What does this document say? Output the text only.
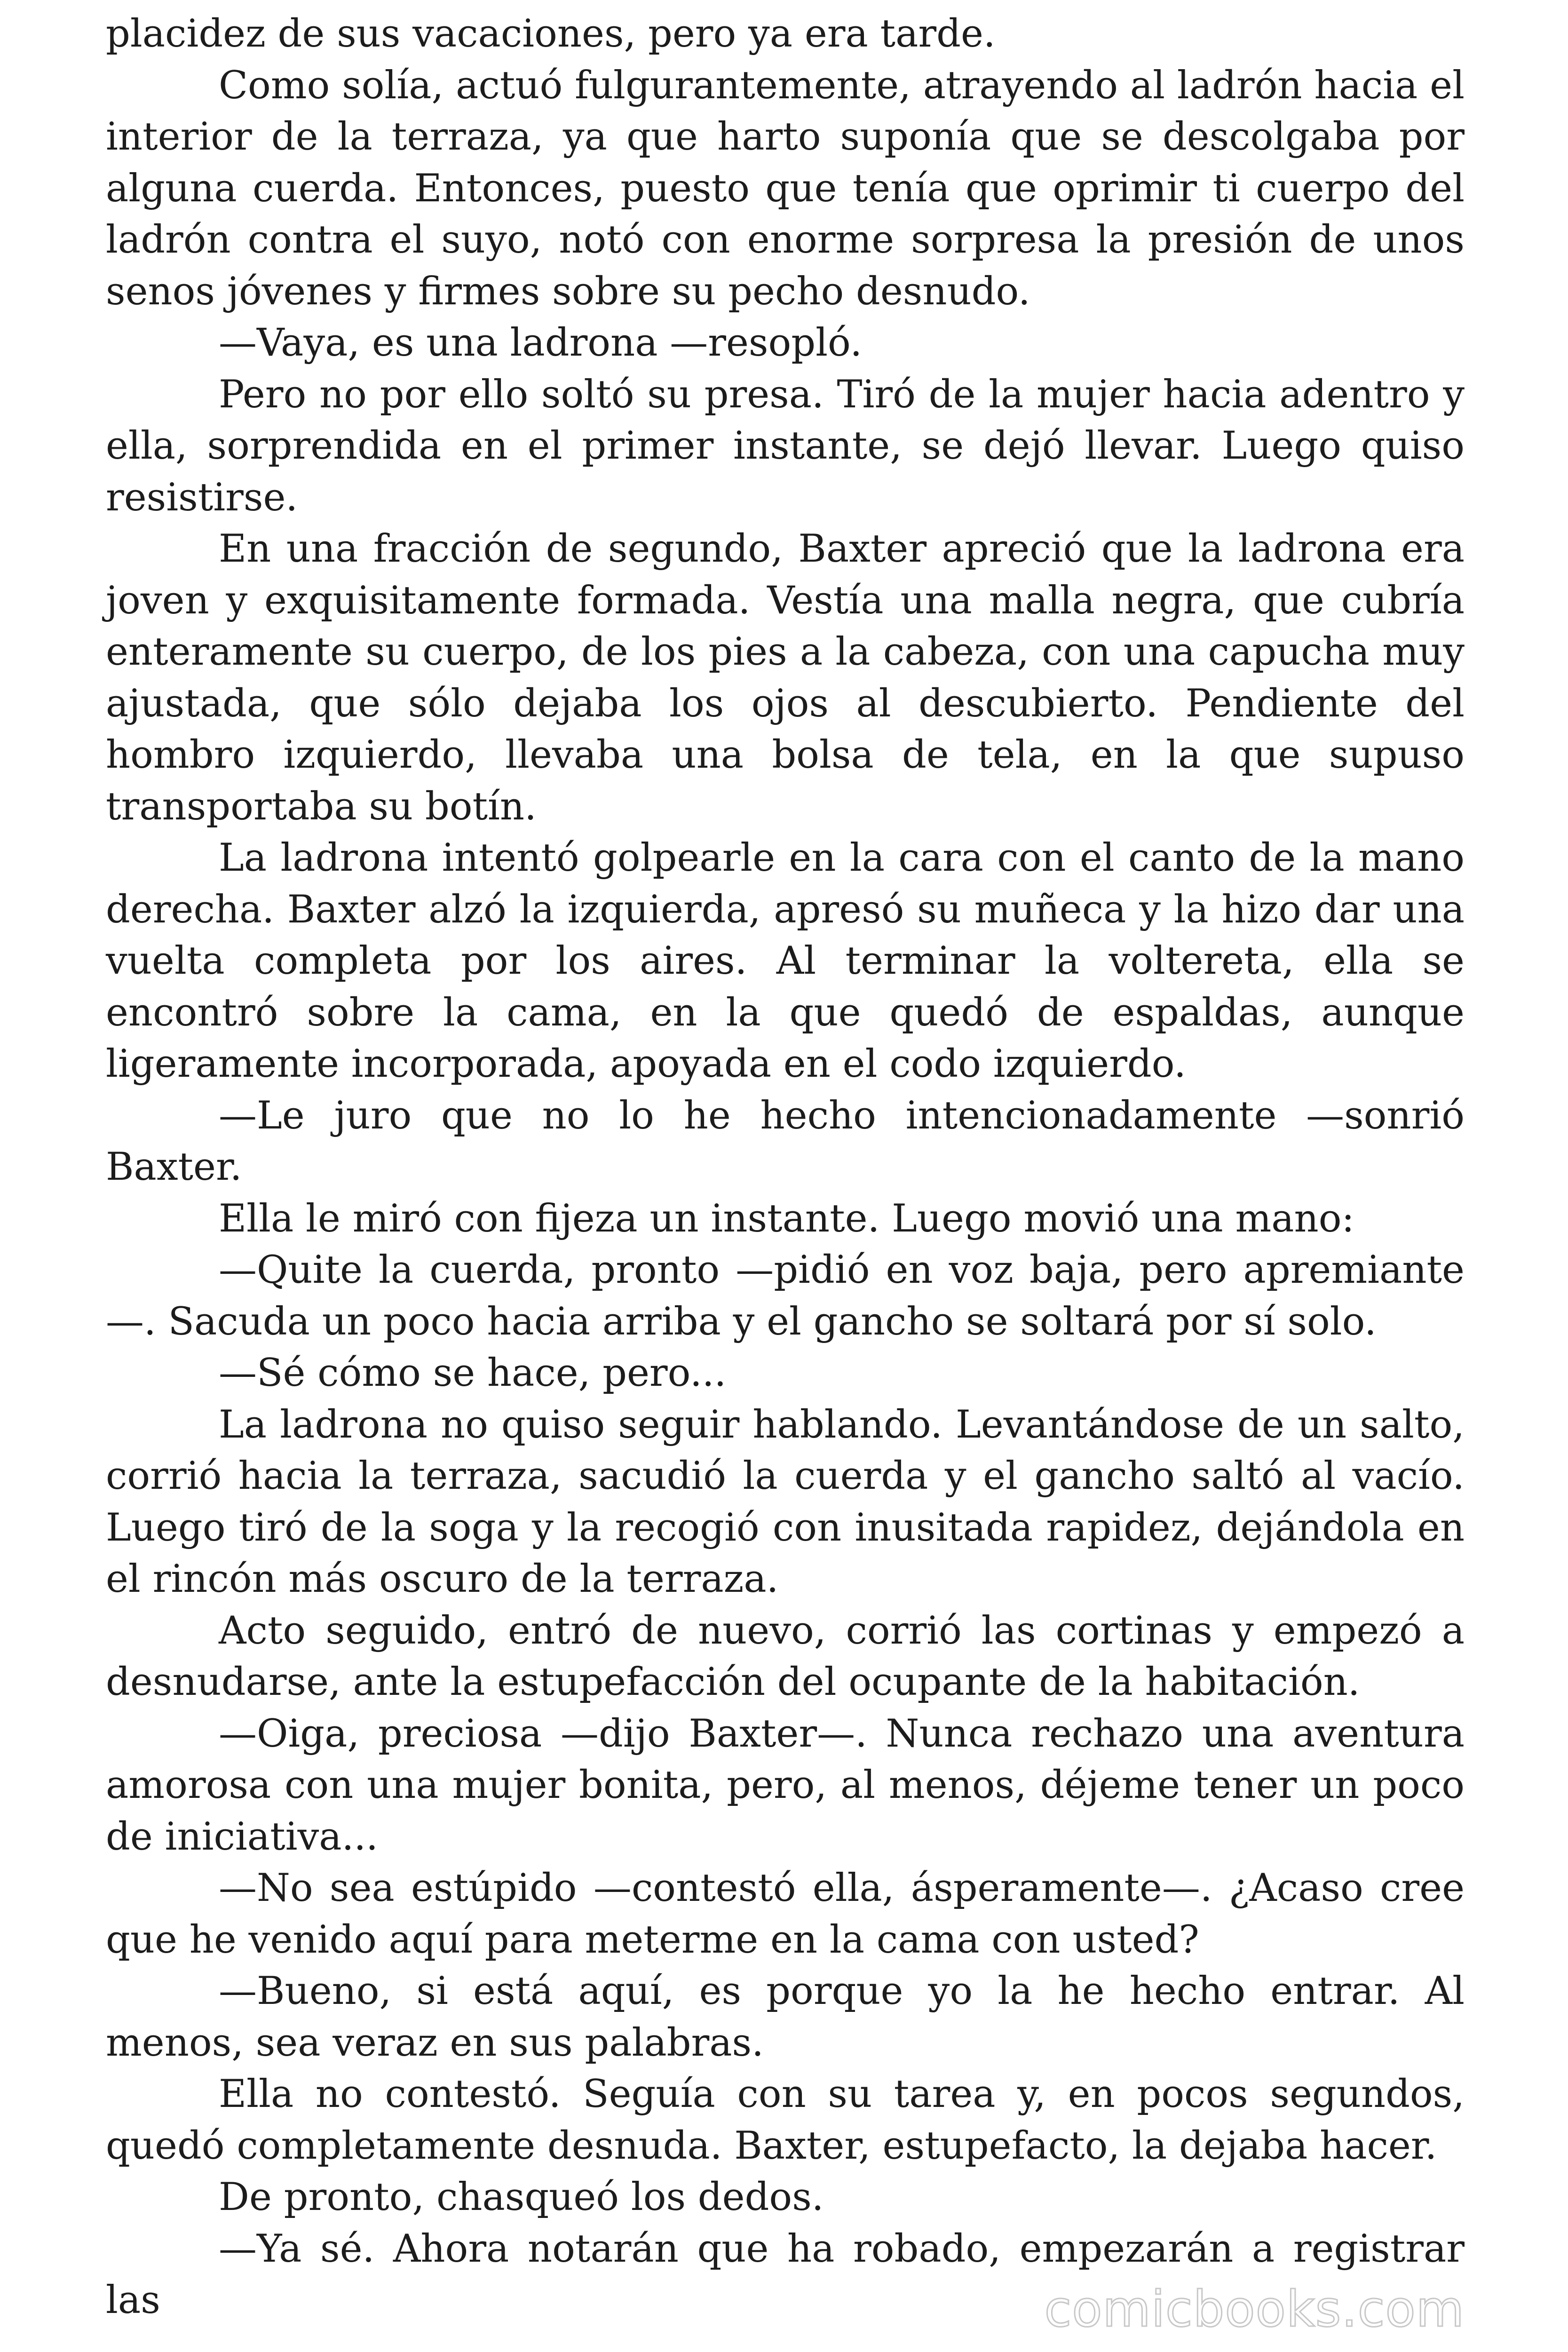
placidez de sus vacaciones, pero ya era tarde.

Como solía, actuó fulgurantemente, atrayendo al ladrón hacia el interior de la terraza, ya que harto suponía que se descolgaba por alguna cuerda. Entonces, puesto que tenía que oprimir ti cuerpo del ladrón contra el suyo, notó con enorme sorpresa la presión de unos senos jóvenes y firmes sobre su pecho desnudo.

—Vaya, es una ladrona —resopló.

Pero no por ello soltó su presa. Tiró de la mujer hacia adentro y ella, sorprendida en el primer instante, se dejó llevar. Luego quiso resistirse.

En una fracción de segundo, Baxter apreció que la ladrona era joven y exquisitamente formada. Vestía una malla negra, que cubría enteramente su cuerpo, de los pies a la cabeza, con una capucha muy ajustada, que sólo dejaba los ojos al descubierto. Pendiente del hombro izquierdo, llevaba una bolsa de tela, en la que supuso transportaba su botín.

La ladrona intentó golpearle en la cara con el canto de la mano derecha. Baxter alzó la izquierda, apresó su muñeca y la hizo dar una vuelta completa por los aires. Al terminar la voltereta, ella se encontró sobre la cama, en la que quedó de espaldas, aunque ligeramente incorporada, apoyada en el codo izquierdo.

—Le juro que no lo he hecho intencionadamente —sonrió Baxter.

Ella le miró con fijeza un instante. Luego movió una mano:

—Quite la cuerda, pronto —pidió en voz baja, pero apremiante —. Sacuda un poco hacia arriba y el gancho se soltará por sí solo.

—Sé cómo se hace, pero...

La ladrona no quiso seguir hablando. Levantándose de un salto, corrió hacia la terraza, sacudió la cuerda y el gancho saltó al vacío. Luego tiró de la soga y la recogió con inusitada rapidez, dejándola en el rincón más oscuro de la terraza.

Acto seguido, entró de nuevo, corrió las cortinas y empezó a desnudarse, ante la estupefacción del ocupante de la habitación.

—Oiga, preciosa —dijo Baxter—. Nunca rechazo una aventura amorosa con una mujer bonita, pero, al menos, déjeme tener un poco de iniciativa...

—No sea estúpido —contestó ella, ásperamente—. ¿Acaso cree que he venido aquí para meterme en la cama con usted?

—Bueno, si está aquí, es porque yo la he hecho entrar. Al menos, sea veraz en sus palabras.

Ella no contestó. Seguía con su tarea y, en pocos segundos, quedó completamente desnuda. Baxter, estupefacto, la dejaba hacer.

De pronto, chasqueó los dedos.

—Ya sé. Ahora notarán que ha robado, empezarán a registrar las	comicbooks.com
